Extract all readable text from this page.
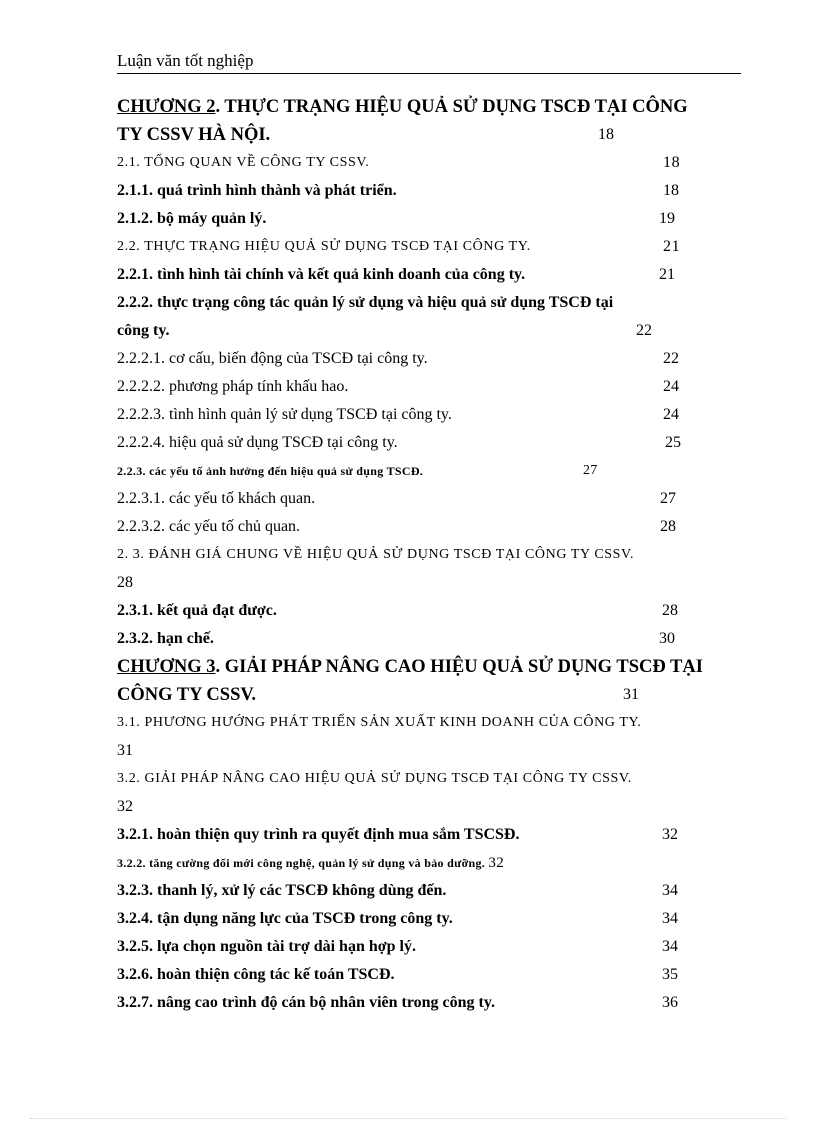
Luận văn tốt nghiệp
CHƯƠNG 2. THỰC TRẠNG HIỆU QUẢ SỬ DỤNG TSCĐ TẠI CÔNG
TY CSSV HÀ NỘI.	18
2.1. TỔNG QUAN VỀ CÔNG TY CSSV.	18
2.1.1. quá trình hình thành và phát triển.	18
2.1.2. bộ máy quản lý.	19
2.2. THỰC TRẠNG HIỆU QUẢ SỬ DỤNG TSCĐ TẠI CÔNG TY.	21
2.2.1. tình hình tài chính và kết quả kinh doanh của công ty.	21
2.2.2. thực trạng công tác quản lý sử dụng và hiệu quả sử dụng TSCĐ tại
công ty.	22
2.2.2.1. cơ cấu, biến động của TSCĐ tại công ty.	22
2.2.2.2. phương pháp tính khấu hao.	24
2.2.2.3. tình hình quản lý sử dụng TSCĐ tại công ty.	24
2.2.2.4. hiệu quả sử dụng TSCĐ tại công ty.	25
2.2.3. các yếu tố ảnh hưởng đến hiệu quả sử dụng TSCĐ.	27
2.2.3.1. các yếu tố khách quan.	27
2.2.3.2. các yếu tố chủ quan.	28
2. 3. ĐÁNH GIÁ CHUNG VỀ HIỆU QUẢ SỬ DỤNG TSCĐ TẠI CÔNG TY CSSV.
28
2.3.1. kết quả đạt được.	28
2.3.2. hạn chế.	30
CHƯƠNG 3. GIẢI PHÁP NÂNG CAO HIỆU QUẢ SỬ DỤNG TSCĐ TẠI
CÔNG TY CSSV.	31
3.1. PHƯƠNG HƯỚNG PHÁT TRIỂN SẢN XUẤT KINH DOANH CỦA CÔNG TY.
31
3.2. GIẢI PHÁP NÂNG CAO HIỆU QUẢ SỬ DỤNG TSCĐ TẠI CÔNG TY CSSV.
32
3.2.1. hoàn thiện quy trình ra quyết định mua sắm TSCSĐ.	32
3.2.2. tăng cường đổi mới công nghệ, quản lý sử dụng và bảo dưỡng. 32
3.2.3. thanh lý, xử lý các TSCĐ không dùng đến.	34
3.2.4. tận dụng năng lực của TSCĐ trong công ty.	34
3.2.5. lựa chọn nguồn tài trợ dài hạn hợp lý.	34
3.2.6. hoàn thiện công tác kế toán TSCĐ.	35
3.2.7. nâng cao trình độ cán bộ nhân viên trong công ty.	36
